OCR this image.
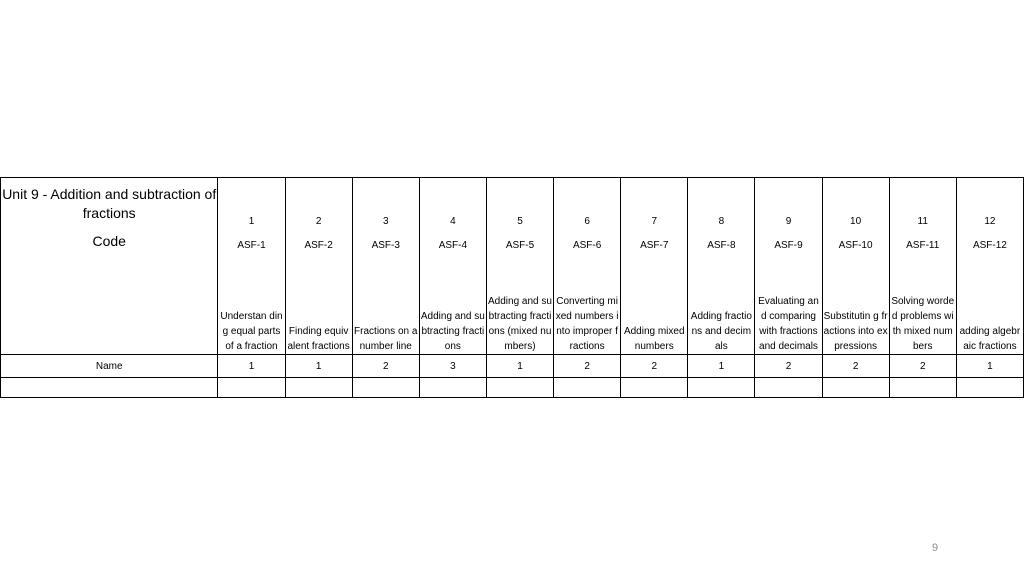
Unit 9 - Addition and subtraction of fractions	1	2	3	4	5	6	7	8	9	10	11	12
Code	ASF-1	ASF-2	ASF-3	ASF-4	ASF-5	ASF-6	ASF-7	ASF-8	ASF-9	ASF-10	ASF-11	ASF-12

	Understan ding equal parts of a fraction	Finding equivalent fractions	Fractions on a number line	Adding and subtracting fractions	Adding and subtracting fractions (mixed numbers)	Converting mixed numbers into improper fractions	Adding mixed numbers	Adding fractions and decimals	Evaluating and comparing with fractions and decimals	Substitutin g fractions into expressions	Solving worded problems with mixed numbers	adding algebraic fractions

Name	1	1	2	3	1	2	2	1	2	2	2	1

9
